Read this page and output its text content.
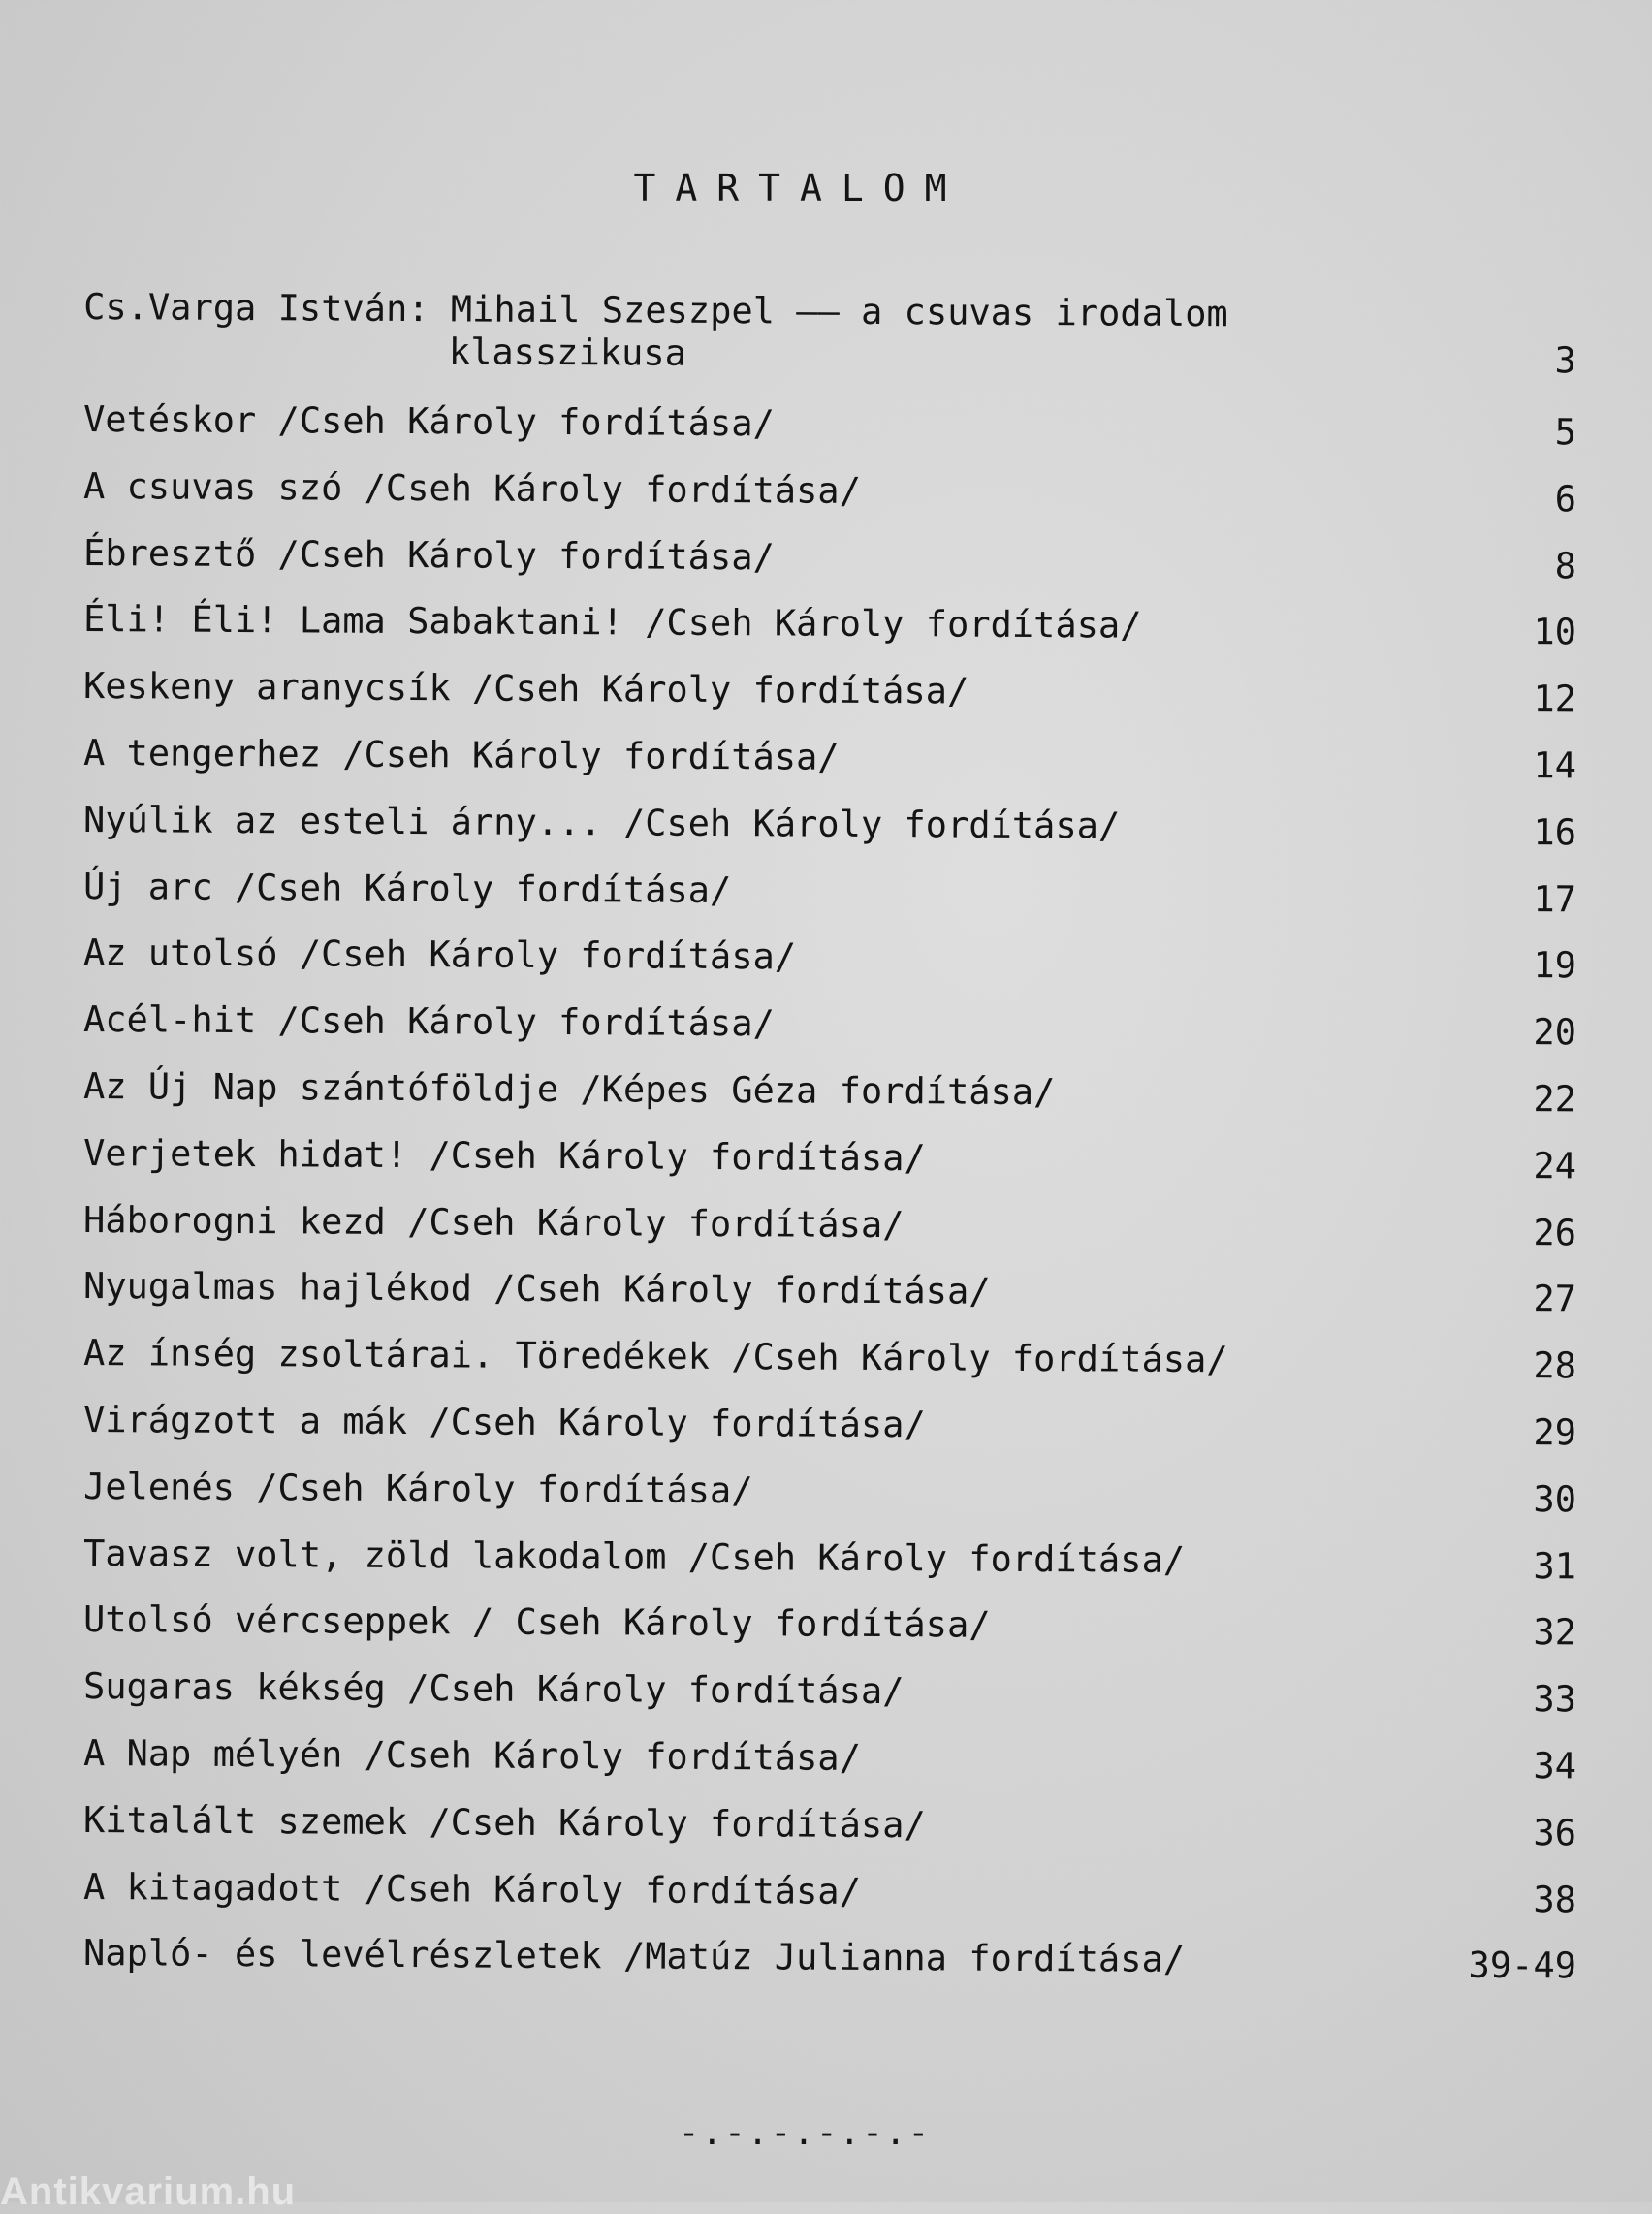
TARTALOM
Cs.Varga István: Mihail Szeszpel —— a csuvas irodalom
klasszikusa	3
Vetéskor /Cseh Károly fordítása/	5
A csuvas szó /Cseh Károly fordítása/	6
Ébresztő /Cseh Károly fordítása/	8
Éli! Éli! Lama Sabaktani! /Cseh Károly fordítása/	10
Keskeny aranycsík /Cseh Károly fordítása/	12
A tengerhez /Cseh Károly fordítása/	14
Nyúlik az esteli árny... /Cseh Károly fordítása/	16
Új arc /Cseh Károly fordítása/	17
Az utolsó /Cseh Károly fordítása/	19
Acél-hit /Cseh Károly fordítása/	20
Az Új Nap szántóföldje /Képes Géza fordítása/	22
Verjetek hidat! /Cseh Károly fordítása/	24
Háborogni kezd /Cseh Károly fordítása/	26
Nyugalmas hajlékod /Cseh Károly fordítása/	27
Az ínség zsoltárai. Töredékek /Cseh Károly fordítása/	28
Virágzott a mák /Cseh Károly fordítása/	29
Jelenés /Cseh Károly fordítása/	30
Tavasz volt, zöld lakodalom /Cseh Károly fordítása/	31
Utolsó vércseppek / Cseh Károly fordítása/	32
Sugaras kékség /Cseh Károly fordítása/	33
A Nap mélyén /Cseh Károly fordítása/	34
Kitalált szemek /Cseh Károly fordítása/	36
A kitagadott /Cseh Károly fordítása/	38
Napló- és levélrészletek /Matúz Julianna fordítása/	39-49
-.-.-.-.-.-
Antikvarium.hu
